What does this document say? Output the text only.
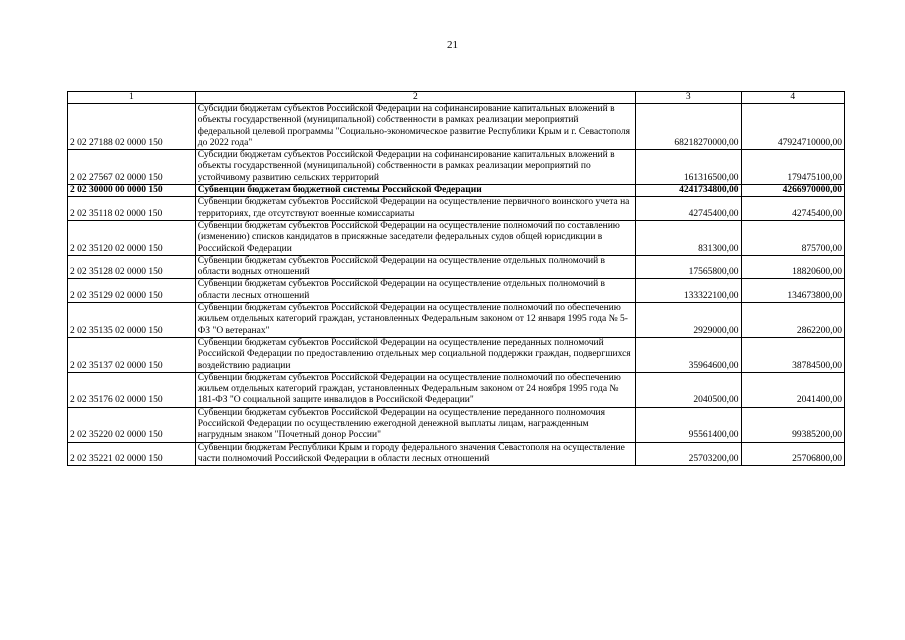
21
1	2	3	4
2 02 27188 02 0000 150	Субсидии бюджетам субъектов Российской Федерации на софинансирование капитальных вложений в объекты государственной (муниципальной) собственности в рамках реализации мероприятий федеральной целевой программы "Социально-экономическое развитие Республики Крым и г. Севастополя до 2022 года"	68218270000,00	47924710000,00
2 02 27567 02 0000 150	Субсидии бюджетам субъектов Российской Федерации на софинансирование капитальных вложений в объекты государственной (муниципальной) собственности в рамках реализации мероприятий по устойчивому развитию сельских территорий	161316500,00	179475100,00
2 02 30000 00 0000 150	Субвенции бюджетам бюджетной системы Российской Федерации	4241734800,00	4266970000,00
2 02 35118 02 0000 150	Субвенции бюджетам субъектов Российской Федерации на осуществление первичного воинского учета на территориях, где отсутствуют военные комиссариаты	42745400,00	42745400,00
2 02 35120 02 0000 150	Субвенции бюджетам субъектов Российской Федерации на осуществление полномочий по составлению (изменению) списков кандидатов в присяжные заседатели федеральных судов общей юрисдикции в Российской Федерации	831300,00	875700,00
2 02 35128 02 0000 150	Субвенции бюджетам субъектов Российской Федерации на осуществление отдельных полномочий в области водных отношений	17565800,00	18820600,00
2 02 35129 02 0000 150	Субвенции бюджетам субъектов Российской Федерации на осуществление отдельных полномочий в области лесных отношений	133322100,00	134673800,00
2 02 35135 02 0000 150	Субвенции бюджетам субъектов Российской Федерации на осуществление полномочий по обеспечению жильем отдельных категорий граждан, установленных Федеральным законом от 12 января 1995 года № 5-ФЗ "О ветеранах"	2929000,00	2862200,00
2 02 35137 02 0000 150	Субвенции бюджетам субъектов Российской Федерации на осуществление переданных полномочий Российской Федерации по предоставлению отдельных мер социальной поддержки граждан, подвергшихся воздействию радиации	35964600,00	38784500,00
2 02 35176 02 0000 150	Субвенции бюджетам субъектов Российской Федерации на осуществление полномочий по обеспечению жильем отдельных категорий граждан, установленных Федеральным законом от 24 ноября 1995 года № 181-ФЗ "О социальной защите инвалидов в Российской Федерации"	2040500,00	2041400,00
2 02 35220 02 0000 150	Субвенции бюджетам субъектов Российской Федерации на осуществление переданного полномочия Российской Федерации по осуществлению ежегодной денежной выплаты лицам, награжденным нагрудным знаком "Почетный донор России"	95561400,00	99385200,00
2 02 35221 02 0000 150	Субвенции бюджетам Республики Крым и городу федерального значения Севастополя на осуществление части полномочий Российской Федерации в области лесных отношений	25703200,00	25706800,00
